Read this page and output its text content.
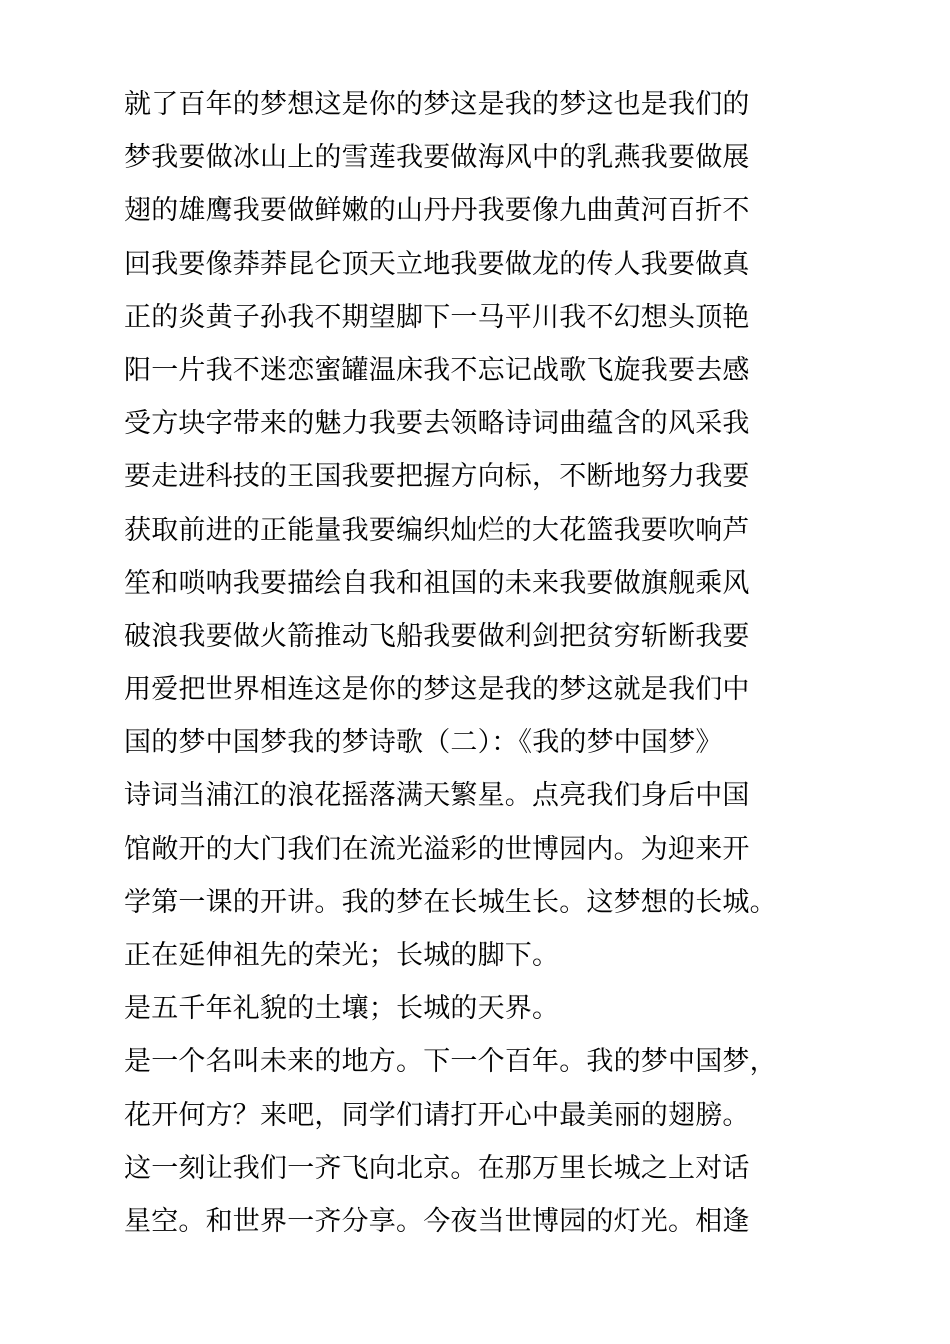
就了百年的梦想这是你的梦这是我的梦这也是我们的
梦我要做冰山上的雪莲我要做海风中的乳燕我要做展
翅的雄鹰我要做鲜嫩的山丹丹我要像九曲黄河百折不
回我要像莽莽昆仑顶天立地我要做龙的传人我要做真
正的炎黄子孙我不期望脚下一马平川我不幻想头顶艳
阳一片我不迷恋蜜罐温床我不忘记战歌飞旋我要去感
受方块字带来的魅力我要去领略诗词曲蕴含的风采我
要走进科技的王国我要把握方向标，不断地努力我要
获取前进的正能量我要编织灿烂的大花篮我要吹响芦
笙和唢呐我要描绘自我和祖国的未来我要做旗舰乘风
破浪我要做火箭推动飞船我要做利剑把贫穷斩断我要
用爱把世界相连这是你的梦这是我的梦这就是我们中
国的梦中国梦我的梦诗歌（二）：《我的梦中国梦》
诗词当浦江的浪花摇落满天繁星。点亮我们身后中国
馆敞开的大门我们在流光溢彩的世博园内。为迎来开
学第一课的开讲。我的梦在长城生长。这梦想的长城。
正在延伸祖先的荣光；长城的脚下。
是五千年礼貌的土壤；长城的天界。
是一个名叫未来的地方。下一个百年。我的梦中国梦，
花开何方？来吧，同学们请打开心中最美丽的翅膀。
这一刻让我们一齐飞向北京。在那万里长城之上对话
星空。和世界一齐分享。今夜当世博园的灯光。相逢
